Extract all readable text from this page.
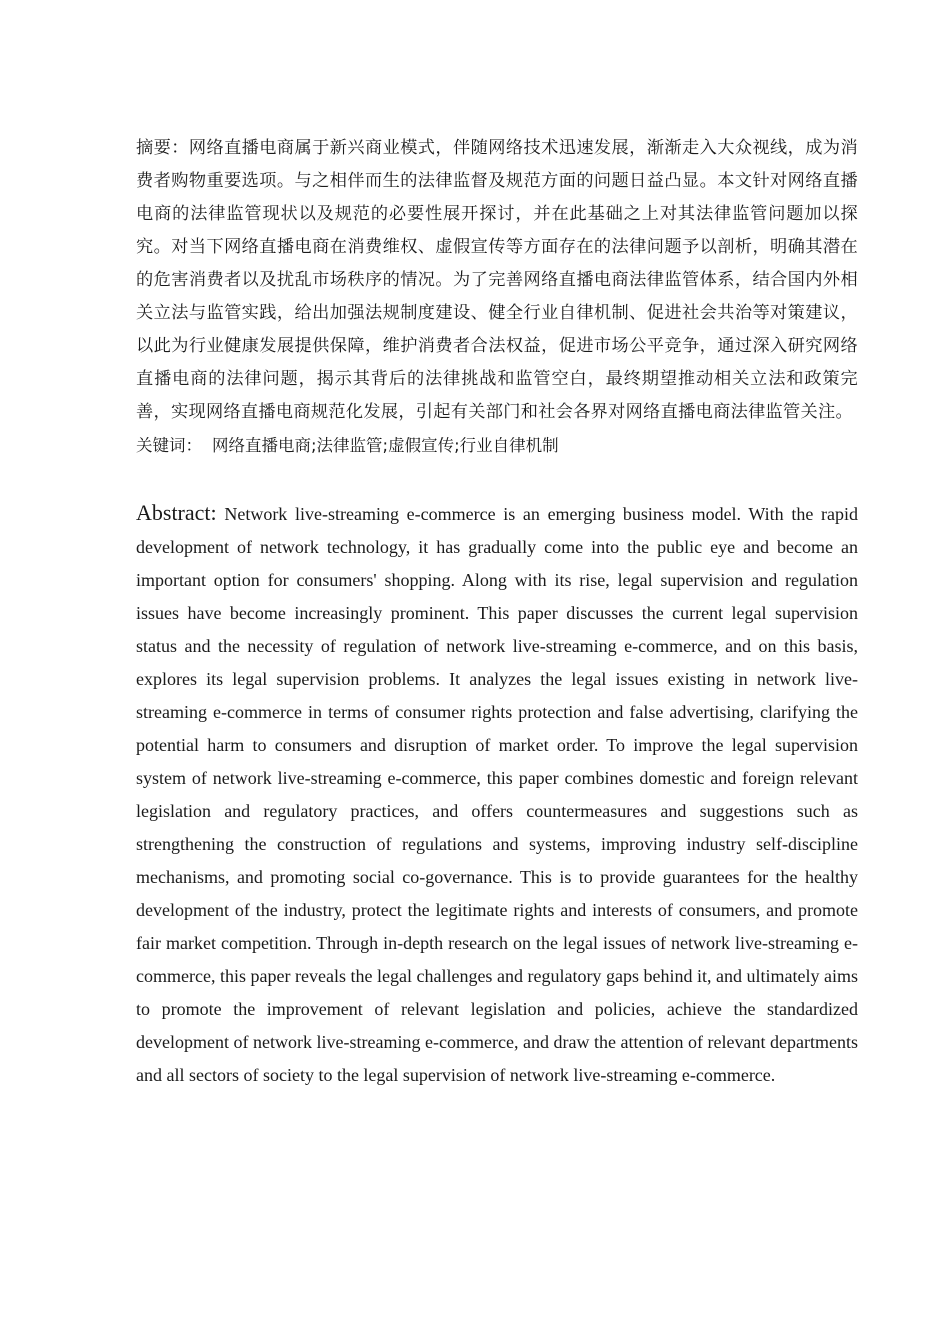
摘要：网络直播电商属于新兴商业模式，伴随网络技术迅速发展，渐渐走入大众视线，成为消费者购物重要选项。与之相伴而生的法律监督及规范方面的问题日益凸显。本文针对网络直播电商的法律监管现状以及规范的必要性展开探讨，并在此基础之上对其法律监管问题加以探究。对当下网络直播电商在消费维权、虚假宣传等方面存在的法律问题予以剖析，明确其潜在的危害消费者以及扰乱市场秩序的情况。为了完善网络直播电商法律监管体系，结合国内外相关立法与监管实践，给出加强法规制度建设、健全行业自律机制、促进社会共治等对策建议，以此为行业健康发展提供保障，维护消费者合法权益，促进市场公平竞争，通过深入研究网络直播电商的法律问题，揭示其背后的法律挑战和监管空白，最终期望推动相关立法和政策完善，实现网络直播电商规范化发展，引起有关部门和社会各界对网络直播电商法律监管关注。

关键词： 网络直播电商;法律监管;虚假宣传;行业自律机制

Abstract: Network live-streaming e-commerce is an emerging business model. With the rapid development of network technology, it has gradually come into the public eye and become an important option for consumers' shopping. Along with its rise, legal supervision and regulation issues have become increasingly prominent. This paper discusses the current legal supervision status and the necessity of regulation of network live-streaming e-commerce, and on this basis, explores its legal supervision problems. It analyzes the legal issues existing in network live-streaming e-commerce in terms of consumer rights protection and false advertising, clarifying the potential harm to consumers and disruption of market order. To improve the legal supervision system of network live-streaming e-commerce, this paper combines domestic and foreign relevant legislation and regulatory practices, and offers countermeasures and suggestions such as strengthening the construction of regulations and systems, improving industry self-discipline mechanisms, and promoting social co-governance. This is to provide guarantees for the healthy development of the industry, protect the legitimate rights and interests of consumers, and promote fair market competition. Through in-depth research on the legal issues of network live-streaming e-commerce, this paper reveals the legal challenges and regulatory gaps behind it, and ultimately aims to promote the improvement of relevant legislation and policies, achieve the standardized development of network live-streaming e-commerce, and draw the attention of relevant departments and all sectors of society to the legal supervision of network live-streaming e-commerce.
